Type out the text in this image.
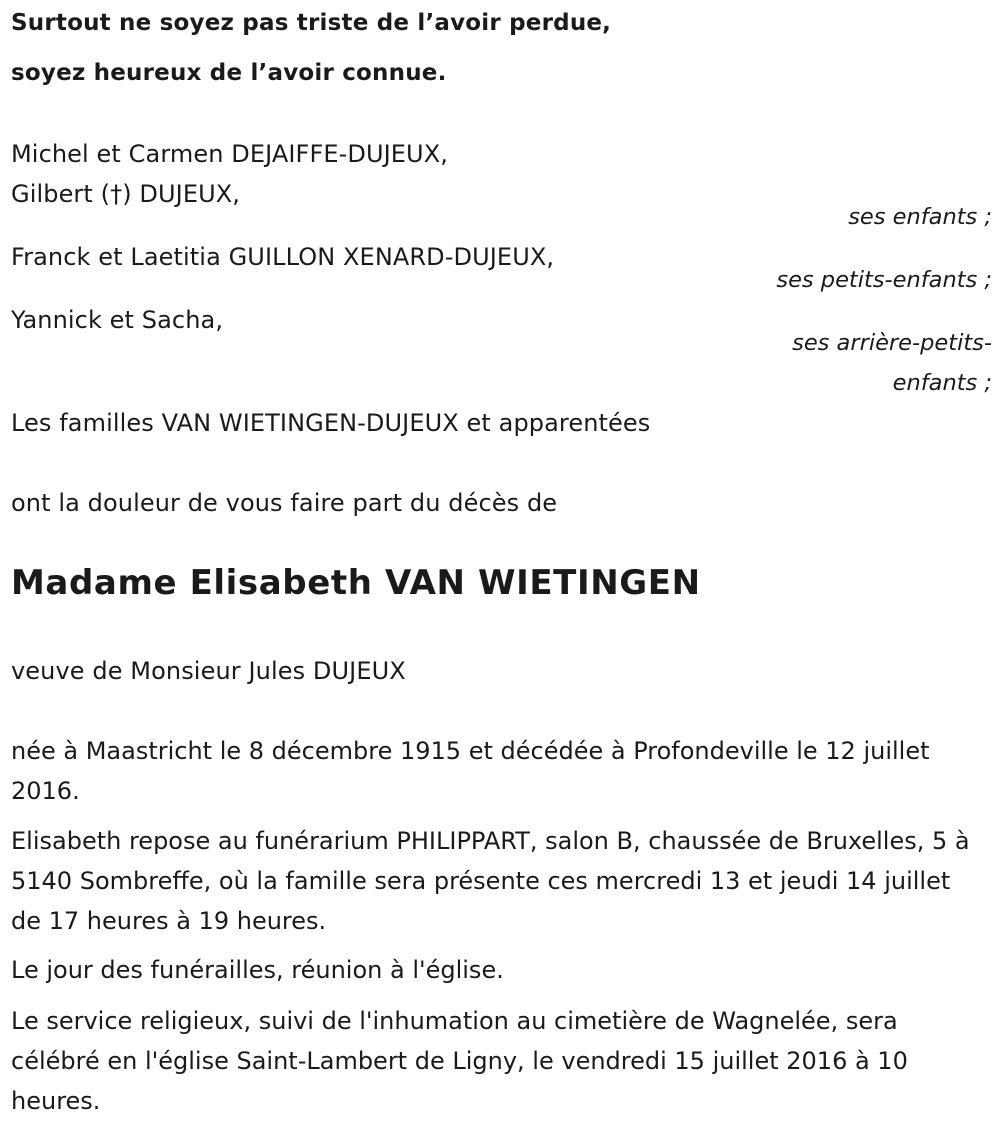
Surtout ne soyez pas triste de l’avoir perdue,

soyez heureux de l’avoir connue.

Michel et Carmen DEJAIFFE-DUJEUX,

Gilbert (†) DUJEUX,

ses enfants ;

Franck et Laetitia GUILLON XENARD-DUJEUX,

ses petits-enfants ;

Yannick et Sacha,

ses arrière-petits-

enfants ;

Les familles VAN WIETINGEN-DUJEUX et apparentées

ont la douleur de vous faire part du décès de

Madame Elisabeth VAN WIETINGEN

veuve de Monsieur Jules DUJEUX

née à Maastricht le 8 décembre 1915 et décédée à Profondeville le 12 juillet 2016.

Elisabeth repose au funérarium PHILIPPART, salon B, chaussée de Bruxelles, 5 à 5140 Sombreffe, où la famille sera présente ces mercredi 13 et jeudi 14 juillet de 17 heures à 19 heures.

Le jour des funérailles, réunion à l'église.

Le service religieux, suivi de l'inhumation au cimetière de Wagnelée, sera célébré en l'église Saint-Lambert de Ligny, le vendredi 15 juillet 2016 à 10 heures.
